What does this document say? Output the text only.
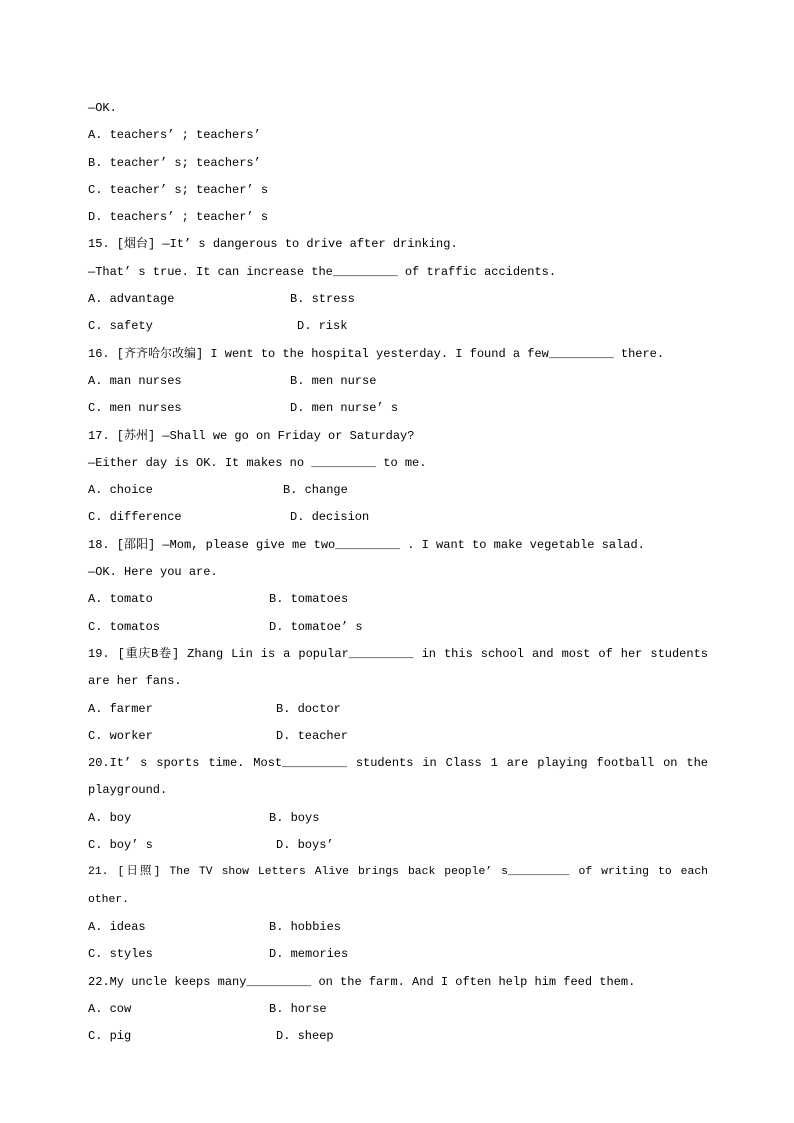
—OK.
A. teachers’ ; teachers’
B. teacher’ s; teachers’
C. teacher’ s; teacher’ s
D. teachers’ ; teacher’ s
15. [烟台] —It’ s dangerous to drive after drinking.
—That’ s true. It can increase the_________ of traffic accidents.
A. advantage	B. stress
C. safety	D. risk
16. [齐齐哈尔改编] I went to the hospital yesterday. I found a few_________ there.
A. man nurses	B. men nurse
C. men nurses	D. men nurse’ s
17. [苏州] —Shall we go on Friday or Saturday?
—Either day is OK. It makes no _________ to me.
A. choice	B. change
C. difference	D. decision
18. [邵阳] —Mom, please give me two_________ . I want to make vegetable salad.
—OK. Here you are.
A. tomato	B. tomatoes
C. tomatos	D. tomatoe’ s
19. [重庆B卷] Zhang Lin is a popular_________ in this school and most of her students are her fans.
A. farmer	B. doctor
C. worker	D. teacher
20.It’ s sports time. Most_________ students in Class 1 are playing football on the playground.
A. boy	B. boys
C. boy’ s	D. boys’
21. [日照] The TV show Letters Alive brings back people’ s_________ of writing to each other.
A. ideas	B. hobbies
C. styles	D. memories
22.My uncle keeps many_________ on the farm. And I often help him feed them.
A. cow	B. horse
C. pig	D. sheep
